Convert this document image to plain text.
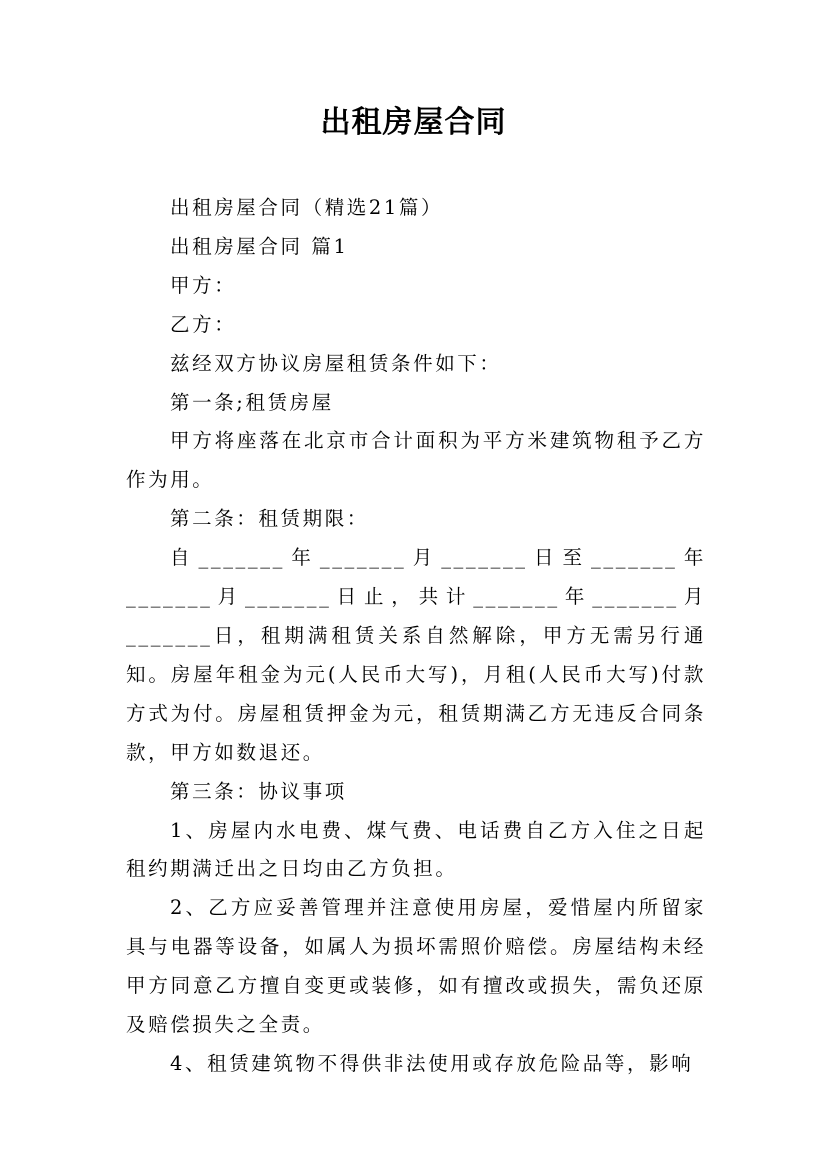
出租房屋合同

出租房屋合同（精选21篇）

出租房屋合同 篇1

甲方：

乙方：

兹经双方协议房屋租赁条件如下：

第一条;租赁房屋

甲方将座落在北京市合计面积为平方米建筑物租予乙方作为用。

第二条：租赁期限：

自_______年_______月_______日至_______年_______月_______日止，共计_______年_______月_______日，租期满租赁关系自然解除，甲方无需另行通知。房屋年租金为元(人民币大写)，月租(人民币大写)付款方式为付。房屋租赁押金为元，租赁期满乙方无违反合同条款，甲方如数退还。

第三条：协议事项

1、房屋内水电费、煤气费、电话费自乙方入住之日起租约期满迁出之日均由乙方负担。

2、乙方应妥善管理并注意使用房屋，爱惜屋内所留家具与电器等设备，如属人为损坏需照价赔偿。房屋结构未经甲方同意乙方擅自变更或装修，如有擅改或损失，需负还原及赔偿损失之全责。

4、租赁建筑物不得供非法使用或存放危险品等，影响
